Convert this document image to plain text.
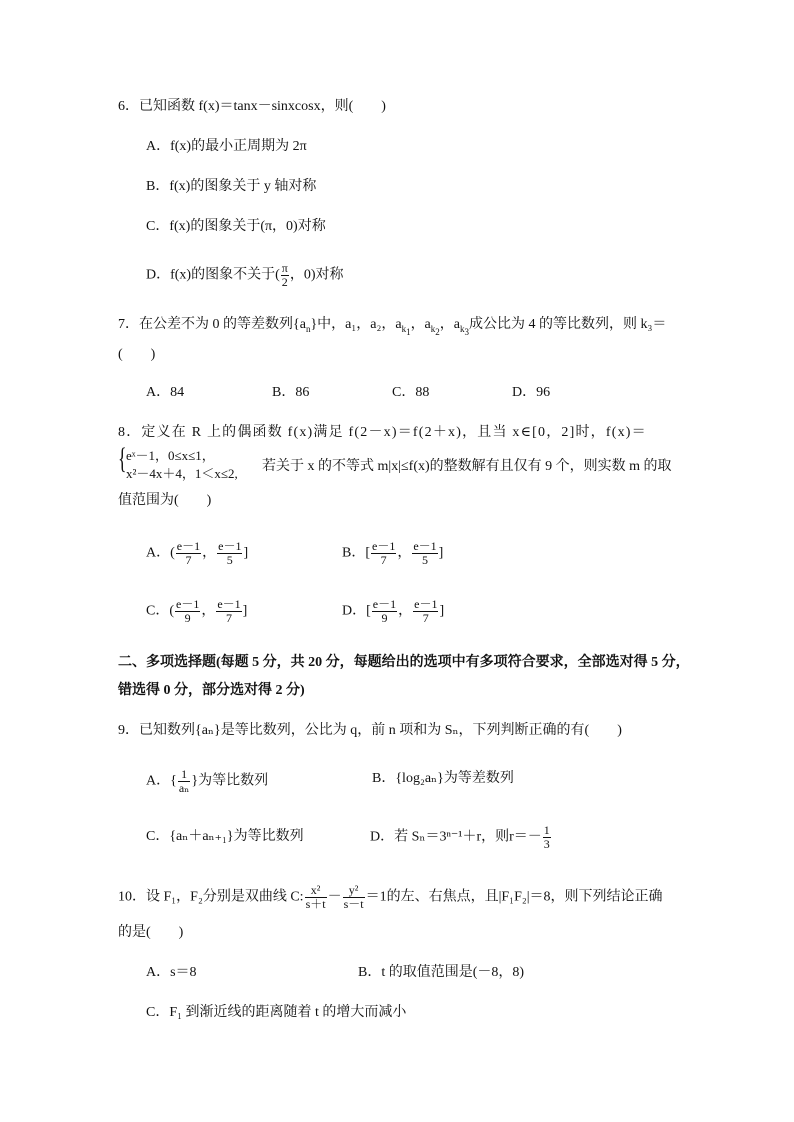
6．已知函数 f(x)＝tanx－sinxcosx，则(　　)
A．f(x)的最小正周期为 2π
B．f(x)的图象关于 y 轴对称
C．f(x)的图象关于(π，0)对称
D．f(x)的图象不关于( $\frac{\pi}{2}$ ，0)对称
7．在公差不为 0 的等差数列$\{a_n\}$中，a₁，a₂，$a_{k_1}$，$a_{k_2}$，$a_{k_3}$成公比为 4 的等比数列，则 k₃＝
(　　)
A．84	B．86	C．88	D．96
8．定义在 R 上的偶函数 f(x)满足 f(2－x)＝f(2＋x)，且当 x∈[0，2]时，f(x)＝
{ eˣ－1，0≤x≤1，
x²－4x＋4，1＜x≤2, 若关于 x 的不等式 m|x|≤f(x)的整数解有且仅有 9 个，则实数 m 的取
值范围为(　　)
A．( $\frac{e-1}{7}$ ， $\frac{e-1}{5}$ ]	B．[ $\frac{e-1}{7}$ ， $\frac{e-1}{5}$ ]
C．( $\frac{e-1}{9}$ ， $\frac{e-1}{7}$ ]	D．[ $\frac{e-1}{9}$ ， $\frac{e-1}{7}$ ]
二、多项选择题(每题 5 分，共 20 分，每题给出的选项中有多项符合要求，全部选对得 5 分，
错选得 0 分，部分选对得 2 分)
9．已知数列{aₙ}是等比数列，公比为 q，前 n 项和为 Sₙ，下列判断正确的有(　　)
A．{ $\frac{1}{\text{aₙ}}$ }为等比数列	B．{log₂aₙ}为等差数列
C．{aₙ＋aₙ₊₁}为等比数列	D．若 Sₙ＝3ⁿ⁻¹＋r，则$r=- \frac{1}{3}$
10．设 F₁，F₂分别是双曲线 C: $\frac{\text{x²}}{s+t} - \frac{\text{y²}}{s-t} =1$的左、右焦点，且|F₁F₂|＝8，则下列结论正确
的是(　　)
A．s＝8	B．t 的取值范围是(－8，8)
C．F₁ 到渐近线的距离随着 t 的增大而减小
